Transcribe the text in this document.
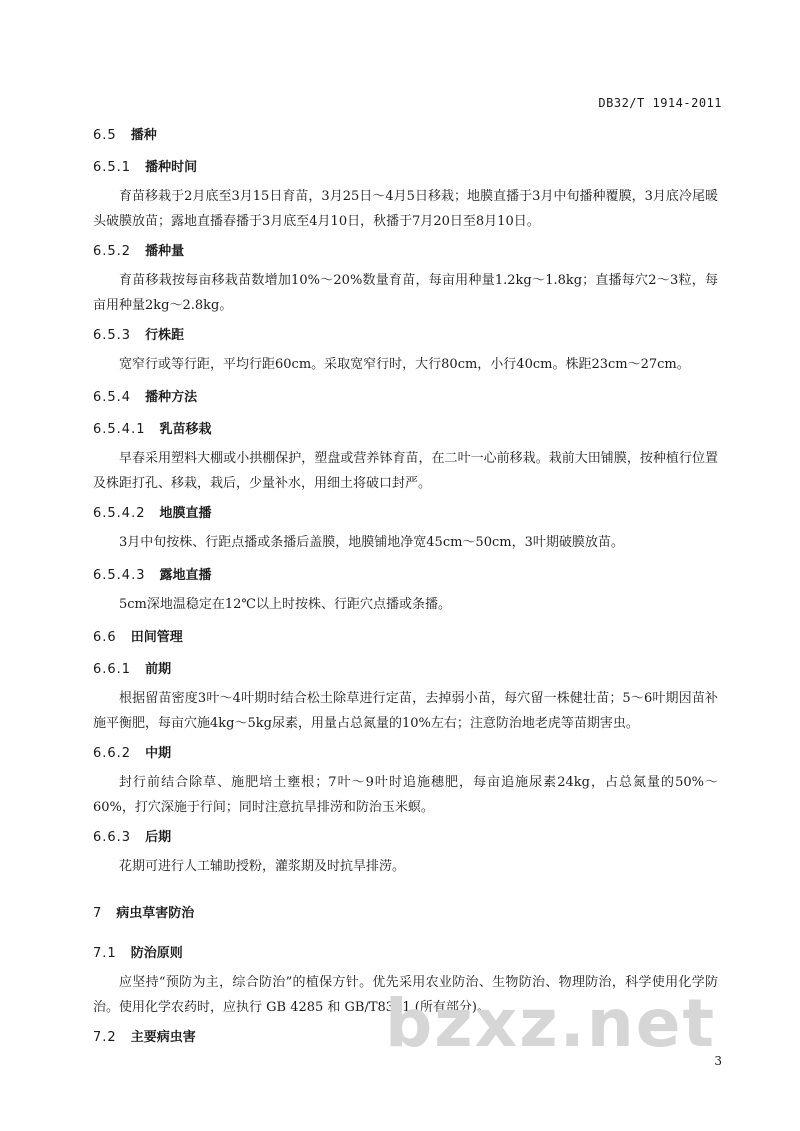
DB32/T 1914-2011
6.5 播种
6.5.1 播种时间
育苗移栽于2月底至3月15日育苗，3月25日～4月5日移栽；地膜直播于3月中旬播种覆膜，3月底冷尾暖头破膜放苗；露地直播春播于3月底至4月10日，秋播于7月20日至8月10日。
6.5.2 播种量
育苗移栽按每亩移栽苗数增加10%～20%数量育苗，每亩用种量1.2kg～1.8kg；直播每穴2～3粒，每亩用种量2kg～2.8kg。
6.5.3 行株距
宽窄行或等行距，平均行距60cm。采取宽窄行时，大行80cm，小行40cm。株距23cm～27cm。
6.5.4 播种方法
6.5.4.1 乳苗移栽
早春采用塑料大棚或小拱棚保护，塑盘或营养钵育苗，在二叶一心前移栽。栽前大田铺膜，按种植行位置及株距打孔、移栽，栽后，少量补水，用细土将破口封严。
6.5.4.2 地膜直播
3月中旬按株、行距点播或条播后盖膜，地膜铺地净宽45cm～50cm，3叶期破膜放苗。
6.5.4.3 露地直播
5cm深地温稳定在12℃以上时按株、行距穴点播或条播。
6.6 田间管理
6.6.1 前期
根据留苗密度3叶～4叶期时结合松土除草进行定苗，去掉弱小苗，每穴留一株健壮苗；5～6叶期因苗补施平衡肥，每亩穴施4kg～5kg尿素，用量占总氮量的10%左右；注意防治地老虎等苗期害虫。
6.6.2 中期
封行前结合除草、施肥培土壅根；7叶～9叶时追施穗肥，每亩追施尿素24kg，占总氮量的50%～60%，打穴深施于行间；同时注意抗旱排涝和防治玉米螟。
6.6.3 后期
花期可进行人工辅助授粉，灌浆期及时抗旱排涝。
7 病虫草害防治
7.1 防治原则
应坚持“预防为主，综合防治”的植保方针。优先采用农业防治、生物防治、物理防治，科学使用化学防治。使用化学农药时，应执行 GB 4285 和 GB/T8321 (所有部分)。
7.2 主要病虫害	bzxz.net
3
